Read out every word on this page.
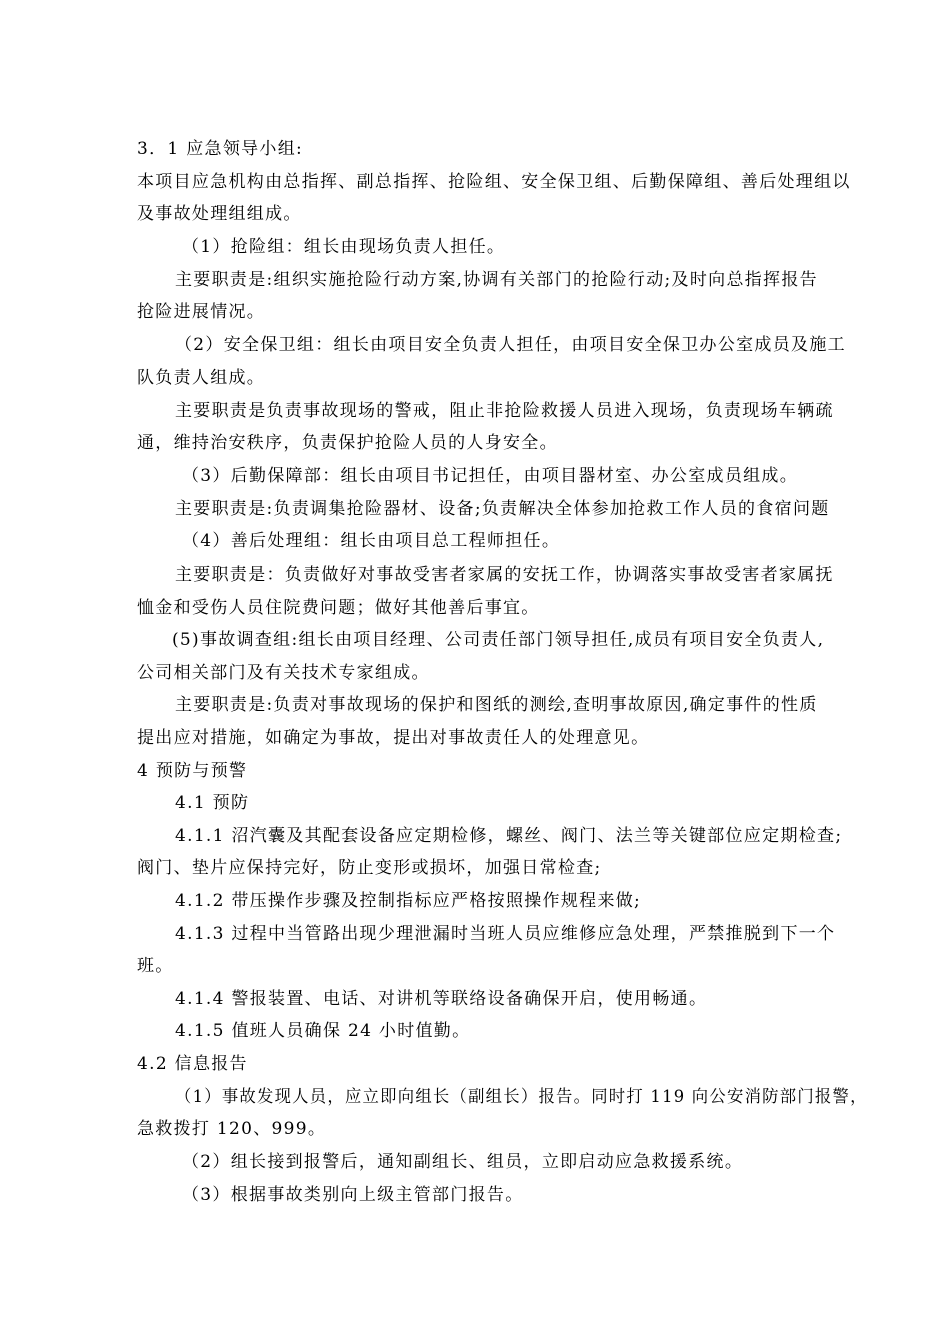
3．1 应急领导小组:
本项目应急机构由总指挥、副总指挥、抢险组、安全保卫组、后勤保障组、善后处理组以
及事故处理组组成。
（1）抢险组：组长由现场负责人担任。
主要职责是:组织实施抢险行动方案,协调有关部门的抢险行动;及时向总指挥报告
抢险进展情况。
（2）安全保卫组：组长由项目安全负责人担任，由项目安全保卫办公室成员及施工
队负责人组成。
主要职责是负责事故现场的警戒，阻止非抢险救援人员进入现场，负责现场车辆疏
通，维持治安秩序，负责保护抢险人员的人身安全。
（3）后勤保障部：组长由项目书记担任，由项目器材室、办公室成员组成。
主要职责是:负责调集抢险器材、设备;负责解决全体参加抢救工作人员的食宿问题
（4）善后处理组：组长由项目总工程师担任。
主要职责是：负责做好对事故受害者家属的安抚工作，协调落实事故受害者家属抚
恤金和受伤人员住院费问题；做好其他善后事宜。
(5)事故调查组:组长由项目经理、公司责任部门领导担任,成员有项目安全负责人,
公司相关部门及有关技术专家组成。
主要职责是:负责对事故现场的保护和图纸的测绘,查明事故原因,确定事件的性质
提出应对措施，如确定为事故，提出对事故责任人的处理意见。
4 预防与预警
4.1 预防
4.1.1 沼汽囊及其配套设备应定期检修，螺丝、阀门、法兰等关键部位应定期检查;
阀门、垫片应保持完好，防止变形或损坏，加强日常检查;
4.1.2 带压操作步骤及控制指标应严格按照操作规程来做;
4.1.3 过程中当管路出现少理泄漏时当班人员应维修应急处理，严禁推脱到下一个
班。
4.1.4 警报装置、电话、对讲机等联络设备确保开启，使用畅通。
4.1.5 值班人员确保 24 小时值勤。
4.2 信息报告
（1）事故发现人员，应立即向组长（副组长）报告。同时打 119 向公安消防部门报警，
急救拨打 120、999。
（2）组长接到报警后，通知副组长、组员，立即启动应急救援系统。
（3）根据事故类别向上级主管部门报告。
